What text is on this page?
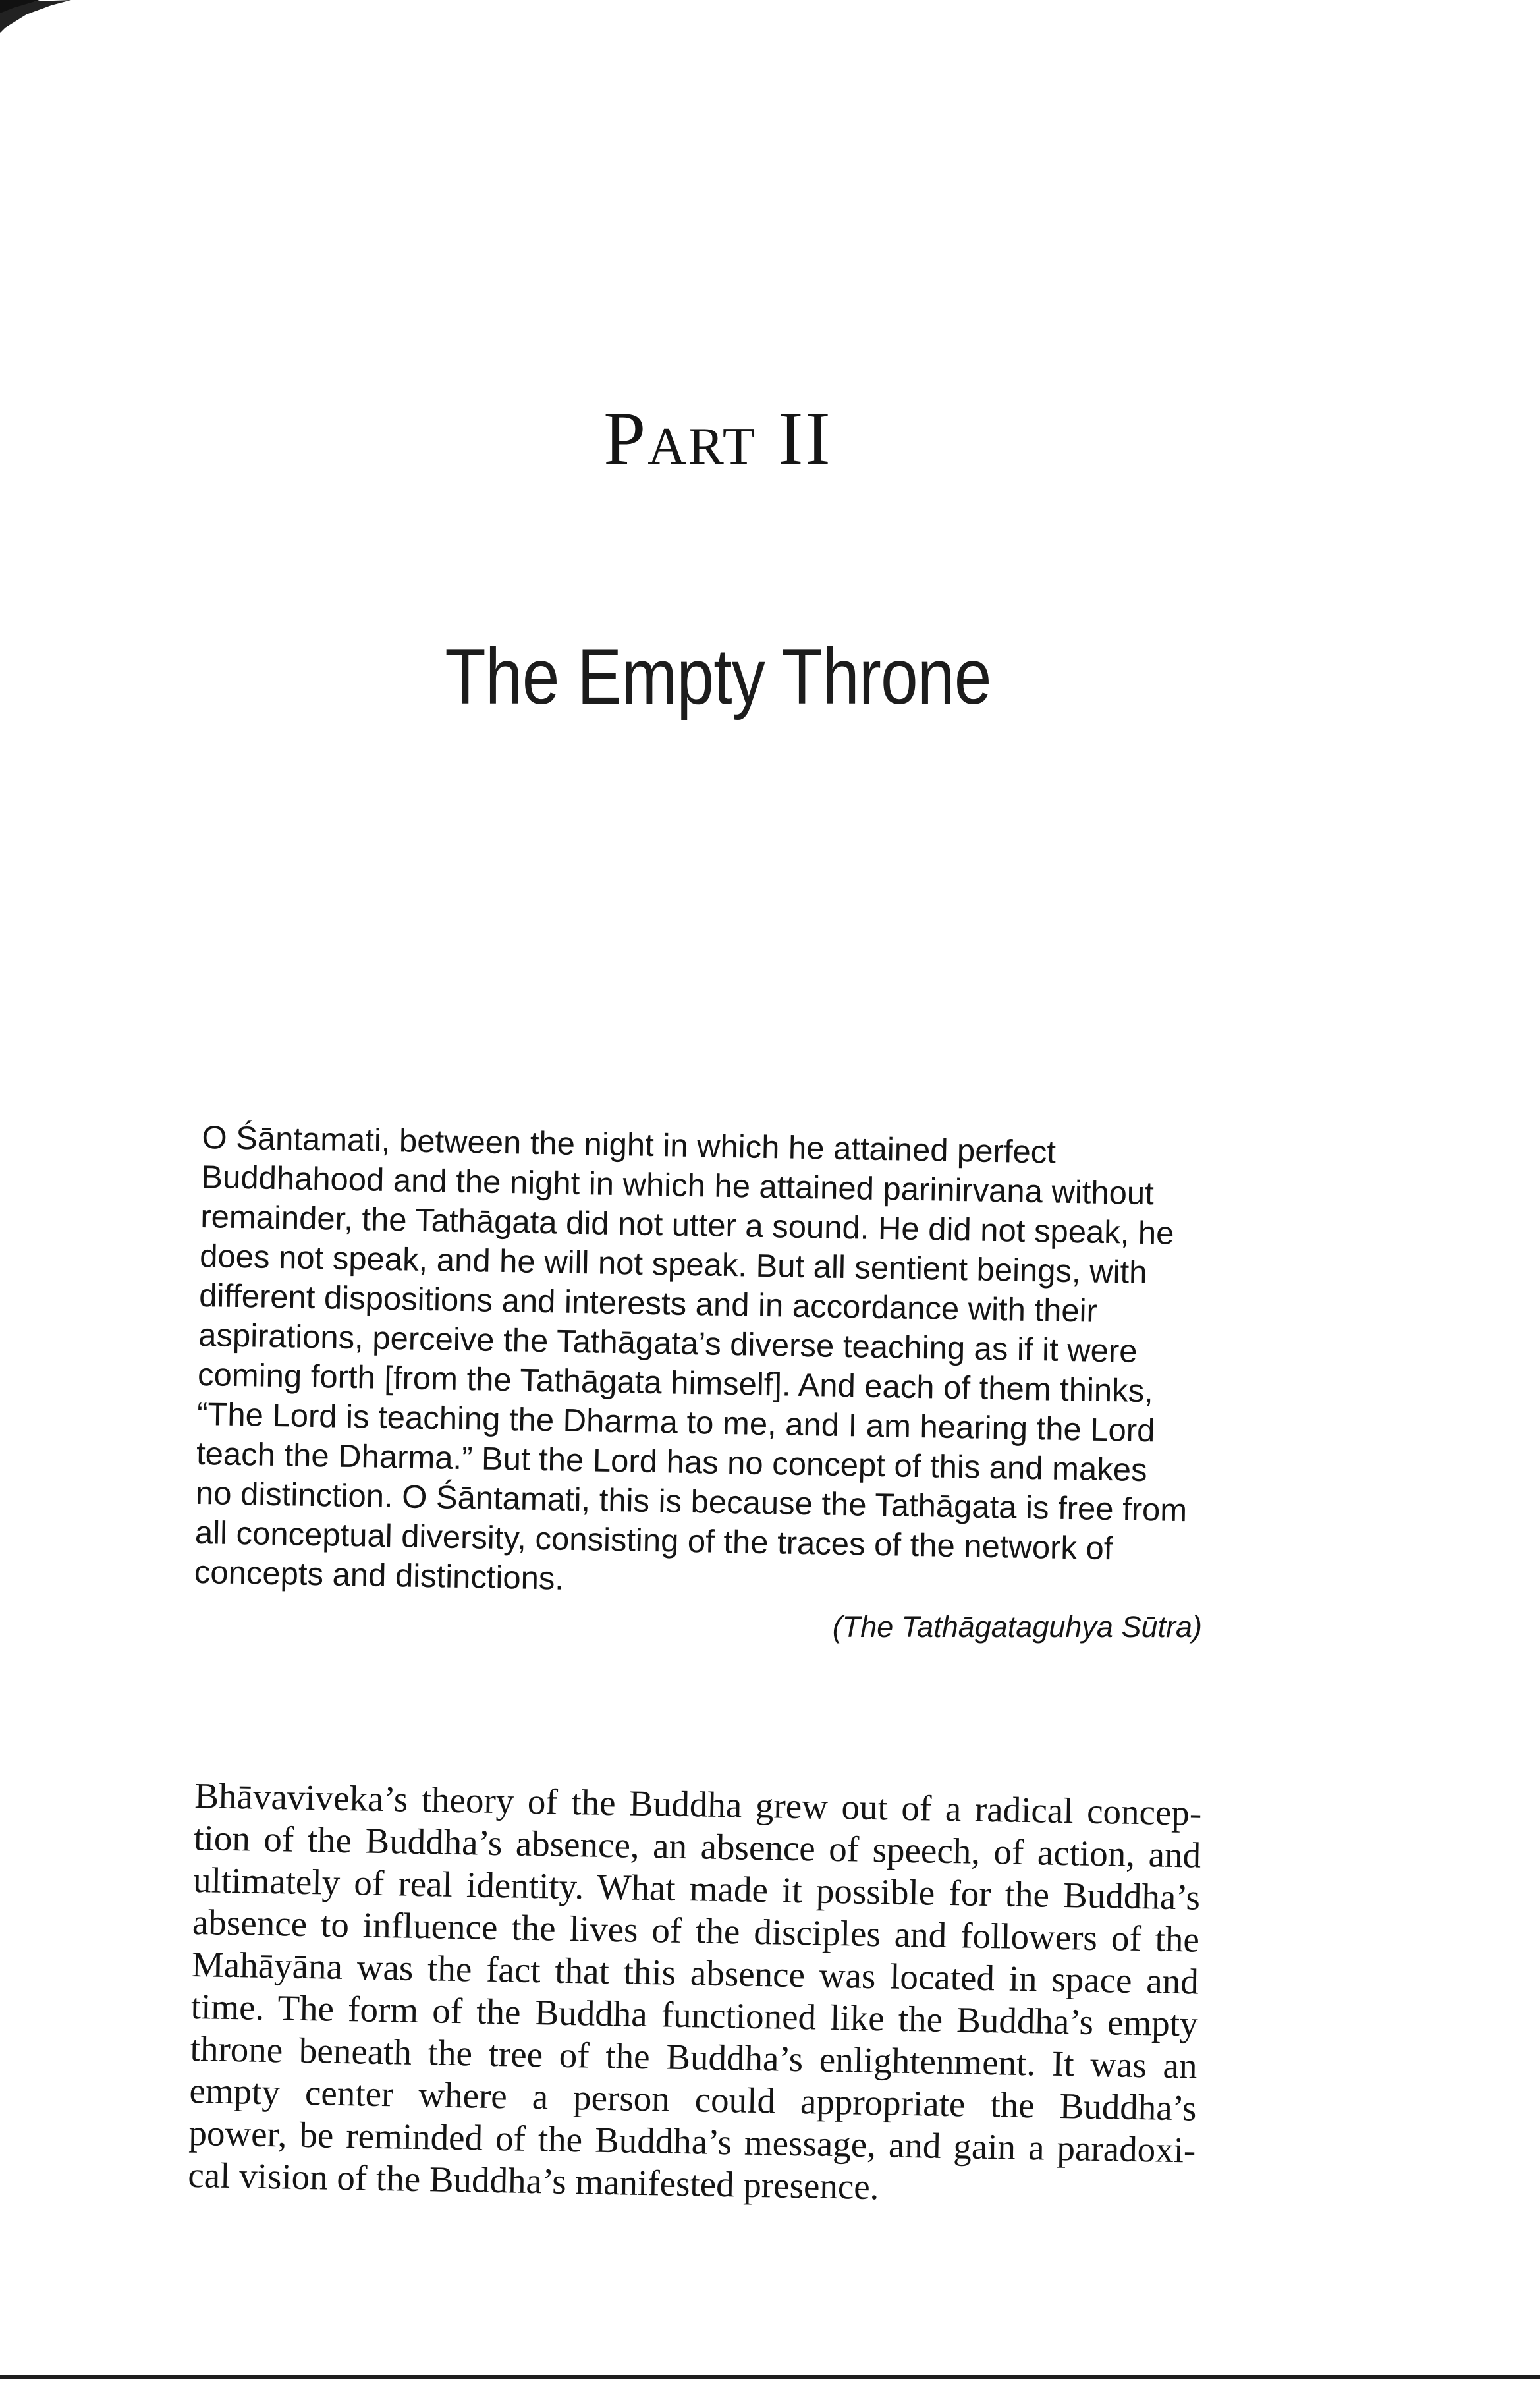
Part II
The Empty Throne
O Śāntamati, between the night in which he attained perfect
Buddhahood and the night in which he attained parinirvana without
remainder, the Tathāgata did not utter a sound. He did not speak, he
does not speak, and he will not speak. But all sentient beings, with
different dispositions and interests and in accordance with their
aspirations, perceive the Tathāgata’s diverse teaching as if it were
coming forth [from the Tathāgata himself]. And each of them thinks,
“The Lord is teaching the Dharma to me, and I am hearing the Lord
teach the Dharma.” But the Lord has no concept of this and makes
no distinction. O Śāntamati, this is because the Tathāgata is free from
all conceptual diversity, consisting of the traces of the network of
concepts and distinctions.
(The Tathāgataguhya Sūtra)
Bhāvaviveka’s theory of the Buddha grew out of a radical concep-
tion of the Buddha’s absence, an absence of speech, of action, and
ultimately of real identity. What made it possible for the Buddha’s
absence to influence the lives of the disciples and followers of the
Mahāyāna was the fact that this absence was located in space and
time. The form of the Buddha functioned like the Buddha’s empty
throne beneath the tree of the Buddha’s enlightenment. It was an
empty center where a person could appropriate the Buddha’s
power, be reminded of the Buddha’s message, and gain a paradoxi-
cal vision of the Buddha’s manifested presence.
